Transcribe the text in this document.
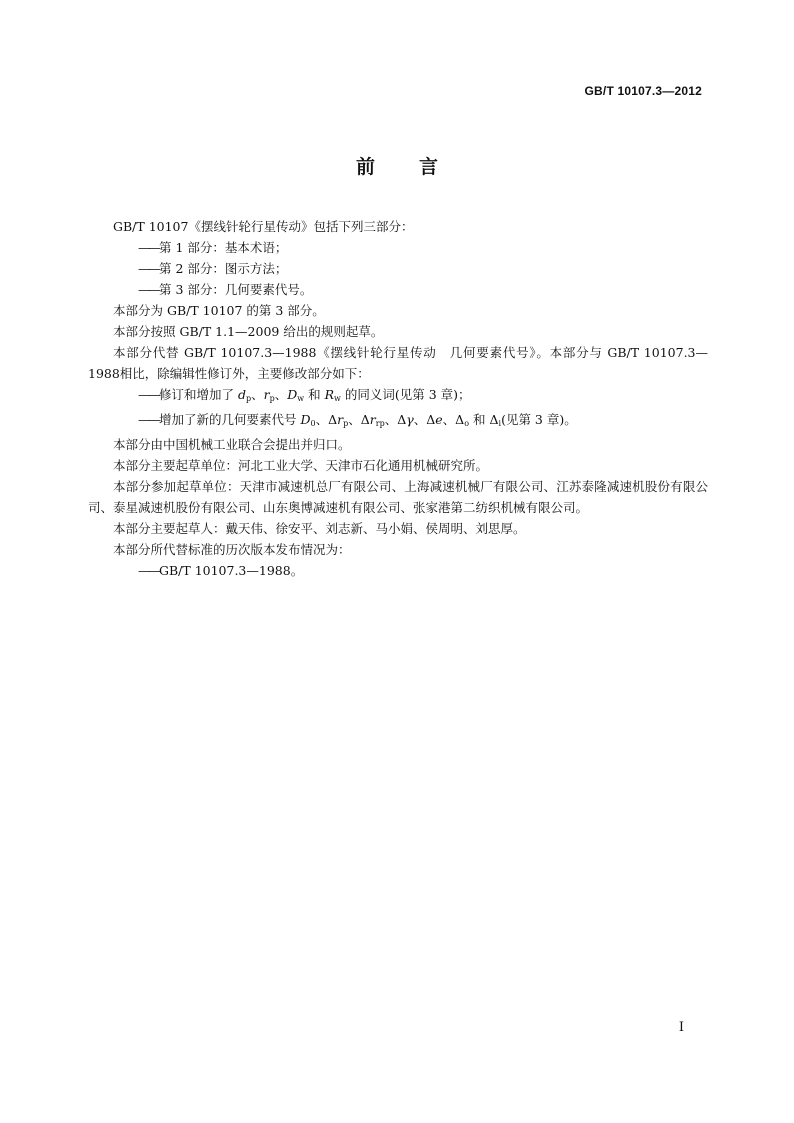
GB/T 10107.3—2012
前言

GB/T 10107《摆线针轮行星传动》包括下列三部分：

——第 1 部分：基本术语；

——第 2 部分：图示方法；

——第 3 部分：几何要素代号。

本部分为 GB/T 10107 的第 3 部分。

本部分按照 GB/T 1.1—2009 给出的规则起草。

本部分代替 GB/T 10107.3—1988《摆线针轮行星传动　几何要素代号》。本部分与 GB/T 10107.3—1988相比，除编辑性修订外，主要修改部分如下：

——修订和增加了 $d_p$、$r_p$、$D_w$ 和 $R_w$ 的同义词(见第 3 章)；

——增加了新的几何要素代号 $D_0$、$\Delta r_p$、$\Delta r_{rp}$、Δγ、Δe、$\Delta_o$ 和 $\Delta_i$(见第 3 章)。

本部分由中国机械工业联合会提出并归口。

本部分主要起草单位：河北工业大学、天津市石化通用机械研究所。

本部分参加起草单位：天津市减速机总厂有限公司、上海减速机械厂有限公司、江苏泰隆减速机股份有限公司、泰星减速机股份有限公司、山东奥博减速机有限公司、张家港第二纺织机械有限公司。

本部分主要起草人：戴天伟、徐安平、刘志新、马小娟、侯周明、刘思厚。

本部分所代替标准的历次版本发布情况为：

——GB/T 10107.3—1988。

I
